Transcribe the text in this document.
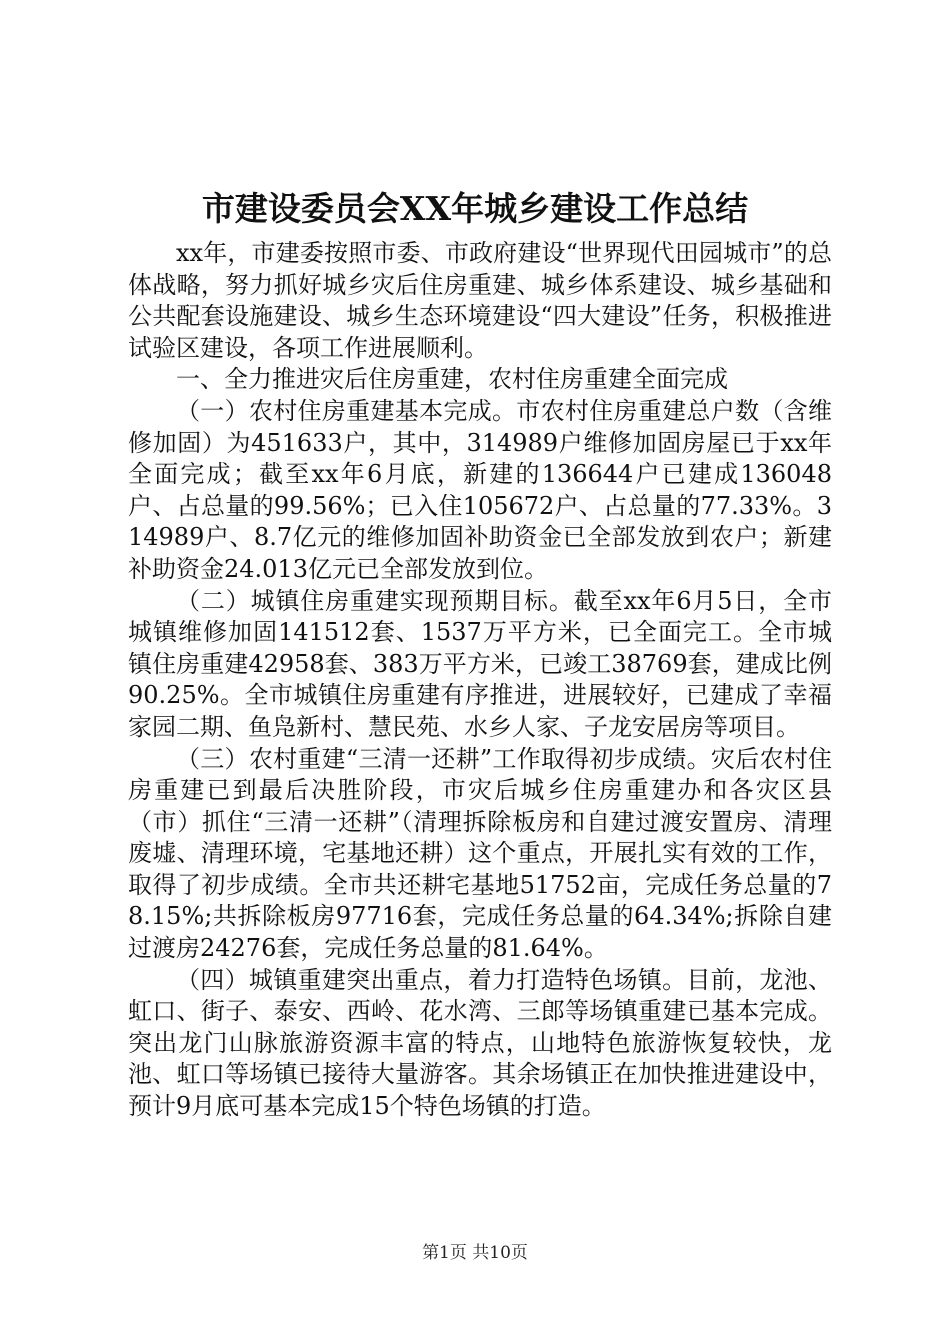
市建设委员会XX年城乡建设工作总结

xx年，市建委按照市委、市政府建设“世界现代田园城市”的总体战略，努力抓好城乡灾后住房重建、城乡体系建设、城乡基础和公共配套设施建设、城乡生态环境建设“四大建设”任务，积极推进试验区建设，各项工作进展顺利。

一、全力推进灾后住房重建，农村住房重建全面完成

（一）农村住房重建基本完成。市农村住房重建总户数（含维修加固）为451633户，其中，314989户维修加固房屋已于xx年全面完成；截至xx年6月底，新建的136644户已建成136048户、占总量的99.56%；已入住105672户、占总量的77.33%。314989户、8.7亿元的维修加固补助资金已全部发放到农户；新建补助资金24.013亿元已全部发放到位。

（二）城镇住房重建实现预期目标。截至xx年6月5日，全市城镇维修加固141512套、1537万平方米，已全面完工。全市城镇住房重建42958套、383万平方米，已竣工38769套，建成比例90.25%。全市城镇住房重建有序推进，进展较好，已建成了幸福家园二期、鱼凫新村、慧民苑、水乡人家、子龙安居房等项目。

（三）农村重建“三清一还耕”工作取得初步成绩。灾后农村住房重建已到最后决胜阶段，市灾后城乡住房重建办和各灾区县（市）抓住“三清一还耕”（清理拆除板房和自建过渡安置房、清理废墟、清理环境，宅基地还耕）这个重点，开展扎实有效的工作，取得了初步成绩。全市共还耕宅基地51752亩，完成任务总量的78.15%;共拆除板房97716套，完成任务总量的64.34%;拆除自建过渡房24276套，完成任务总量的81.64%。

（四）城镇重建突出重点，着力打造特色场镇。目前，龙池、虹口、街子、泰安、西岭、花水湾、三郎等场镇重建已基本完成。突出龙门山脉旅游资源丰富的特点，山地特色旅游恢复较快，龙池、虹口等场镇已接待大量游客。其余场镇正在加快推进建设中，预计9月底可基本完成15个特色场镇的打造。

第1页 共10页
